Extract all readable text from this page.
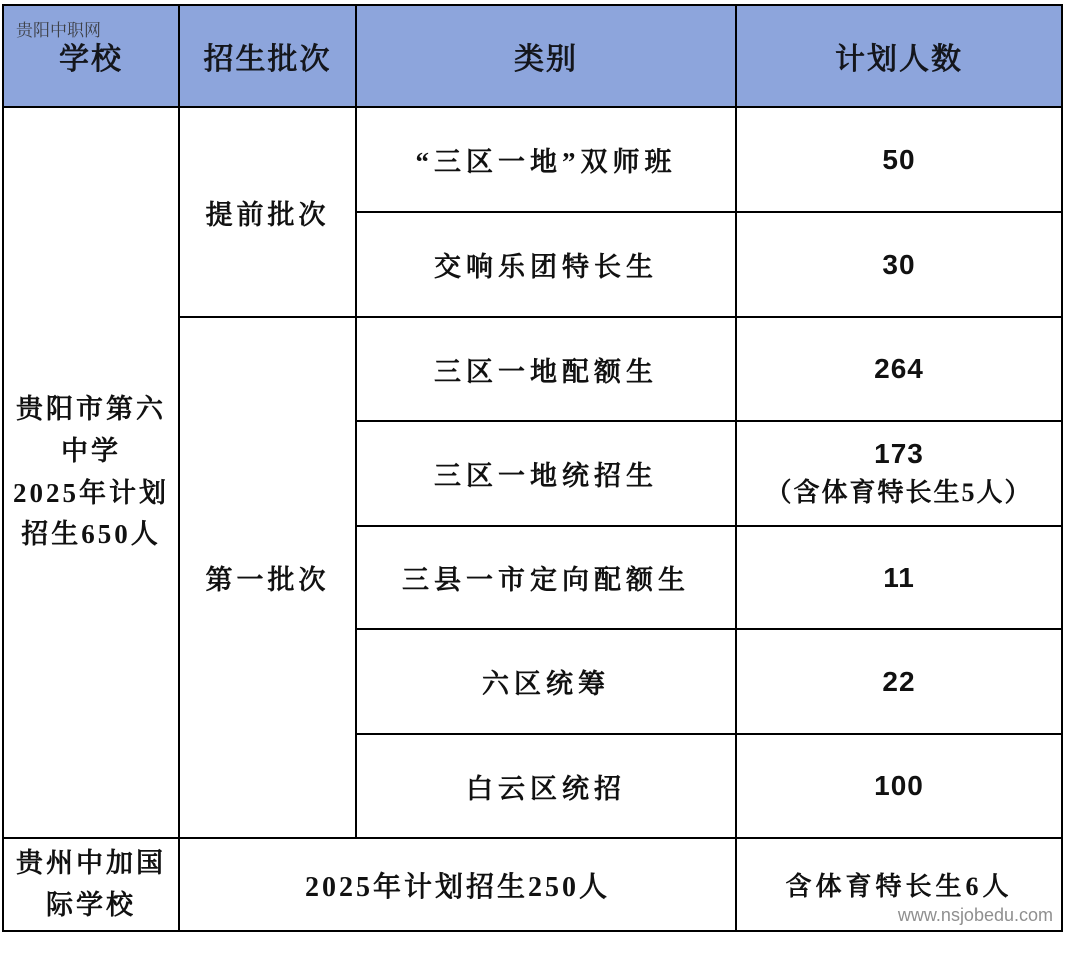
贵阳中职网
学校	招生批次	类别	计划人数

贵阳市第六
中学
2025年计划
招生650人	提前批次	“三区一地”双师班	50
		交响乐团特长生	30
	第一批次	三区一地配额生	264
		三区一地统招生	173
（含体育特长生5人）

		三县一市定向配额生	11
		六区统筹	22
		白云区统招	100

贵州中加国
际学校
	2025年计划招生250人	含体育特长生6人
www.nsjobedu.com
